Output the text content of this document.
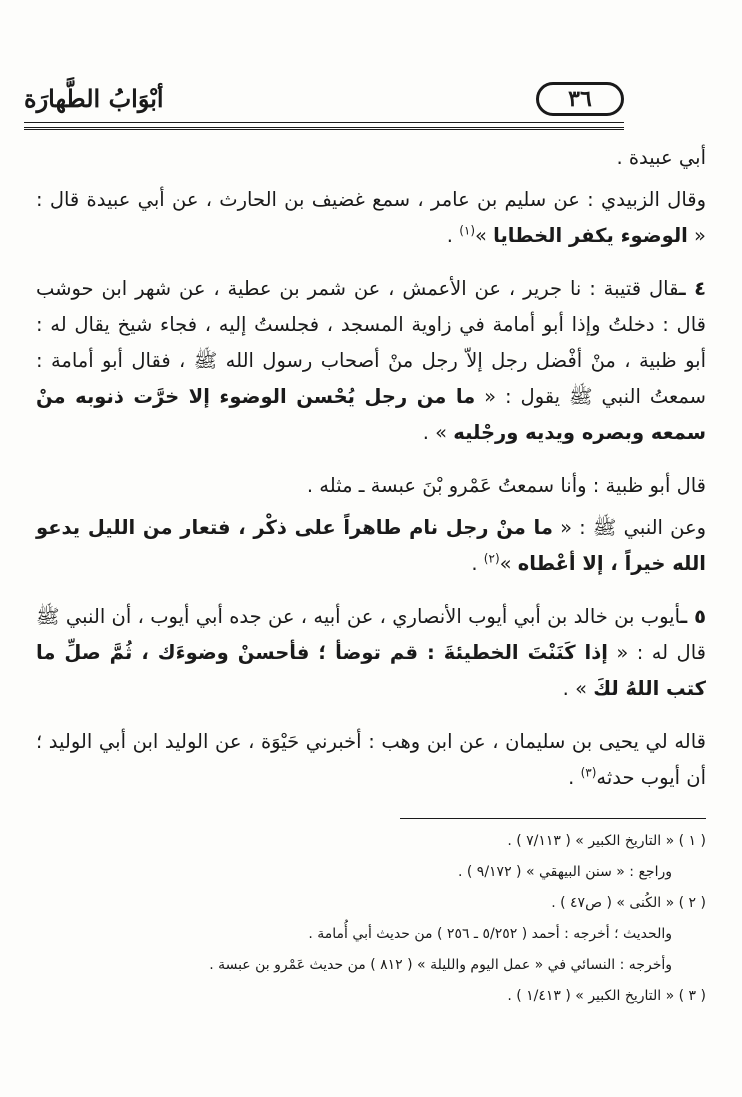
٣٦
أبْوَابُ الطَّهارَة

أبي عبيدة .

وقال الزبيدي : عن سليم بن عامر ، سمع غضيف بن الحارث ، عن أبي عبيدة قال : « الوضوء يكفر الخطايا »$^{(١)}$ .

٤ ـقال قتيبة : نا جرير ، عن الأعمش ، عن شمر بن عطية ، عن شهر ابن حوشب قال : دخلتُ وإذا أبو أمامة في زاوية المسجد ، فجلستُ إليه ، فجاء شيخ يقال له : أبو ظبية ، منْ أفْضل رجل إلاّ رجل منْ أصحاب رسول الله ﷺ ، فقال أبو أمامة : سمعتُ النبي ﷺ يقول : « ما من رجل يُحْسن الوضوء إلا خرَّت ذنوبه منْ سمعه وبصره ويديه ورجْليه » .

قال أبو ظبية : وأنا سمعتُ عَمْرو بْنَ عبسة ـ مثله .

وعن النبي ﷺ : « ما منْ رجل نام طاهراً على ذكْر ، فتعار من الليل يدعو الله خيراً ، إلا أعْطاه »$^{(٢)}$ .

٥ ـأيوب بن خالد بن أبي أيوب الأنصاري ، عن أبيه ، عن جده أبي أيوب ، أن النبي ﷺ قال له : « إذا كَنَنْتَ الخطيئةَ : قم توضأ ؛ فأحسنْ وضوءَك ، ثُمَّ صلِّ ما كتب اللهُ لكَ » .

قاله لي يحيى بن سليمان ، عن ابن وهب : أخبرني حَيْوَة ، عن الوليد ابن أبي الوليد ؛ أن أيوب حدثه$^{(٣)}$ .

( ١ ) « التاريخ الكبير » ( ٧/١١٣ ) .

وراجع : « سنن البيهقي » ( ٩/١٧٢ ) .

( ٢ ) « الكُنى » ( ص٤٧ ) .

والحديث ؛ أخرجه : أحمد ( ٥/٢٥٢ ـ ٢٥٦ ) من حديث أبي أُمامة .

وأخرجه : النسائي في « عمل اليوم والليلة » ( ٨١٢ ) من حديث عَمْرو بن عبسة .

( ٣ ) « التاريخ الكبير » ( ١/٤١٣ ) .
